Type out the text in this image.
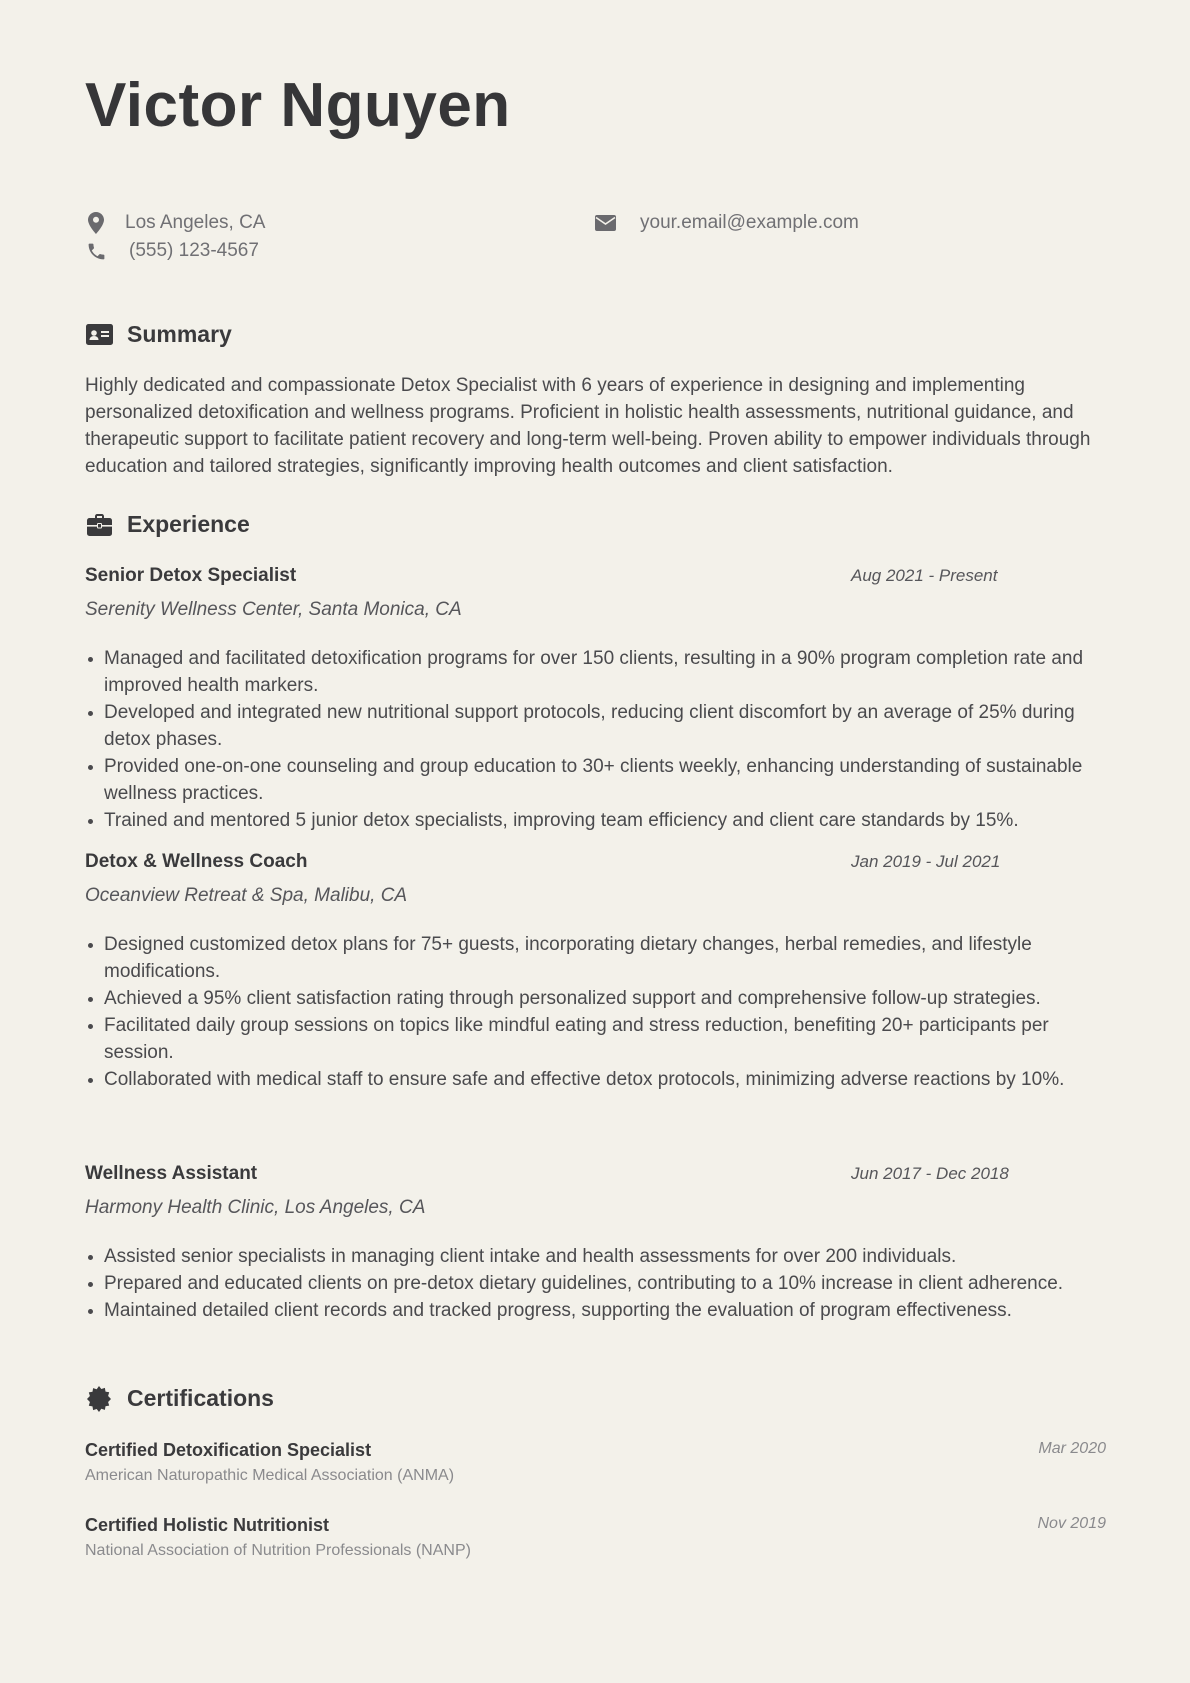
Victor Nguyen
Los Angeles, CA
(555) 123-4567
your.email@example.com
Summary

Highly dedicated and compassionate Detox Specialist with 6 years of experience in designing and implementing personalized detoxification and wellness programs. Proficient in holistic health assessments, nutritional guidance, and therapeutic support to facilitate patient recovery and long-term well-being. Proven ability to empower individuals through education and tailored strategies, significantly improving health outcomes and client satisfaction.

Experience
Senior Detox Specialist	Aug 2021 - Present
Serenity Wellness Center, Santa Monica, CA
Managed and facilitated detoxification programs for over 150 clients, resulting in a 90% program completion rate and improved health markers.
Developed and integrated new nutritional support protocols, reducing client discomfort by an average of 25% during detox phases.
Provided one-on-one counseling and group education to 30+ clients weekly, enhancing understanding of sustainable wellness practices.
Trained and mentored 5 junior detox specialists, improving team efficiency and client care standards by 15%.
Detox & Wellness Coach	Jan 2019 - Jul 2021
Oceanview Retreat & Spa, Malibu, CA
Designed customized detox plans for 75+ guests, incorporating dietary changes, herbal remedies, and lifestyle modifications.
Achieved a 95% client satisfaction rating through personalized support and comprehensive follow-up strategies.
Facilitated daily group sessions on topics like mindful eating and stress reduction, benefiting 20+ participants per session.
Collaborated with medical staff to ensure safe and effective detox protocols, minimizing adverse reactions by 10%.
Wellness Assistant	Jun 2017 - Dec 2018
Harmony Health Clinic, Los Angeles, CA
Assisted senior specialists in managing client intake and health assessments for over 200 individuals.
Prepared and educated clients on pre-detox dietary guidelines, contributing to a 10% increase in client adherence.
Maintained detailed client records and tracked progress, supporting the evaluation of program effectiveness.
Certifications
Certified Detoxification Specialist	Mar 2020
American Naturopathic Medical Association (ANMA)
Certified Holistic Nutritionist	Nov 2019
National Association of Nutrition Professionals (NANP)
